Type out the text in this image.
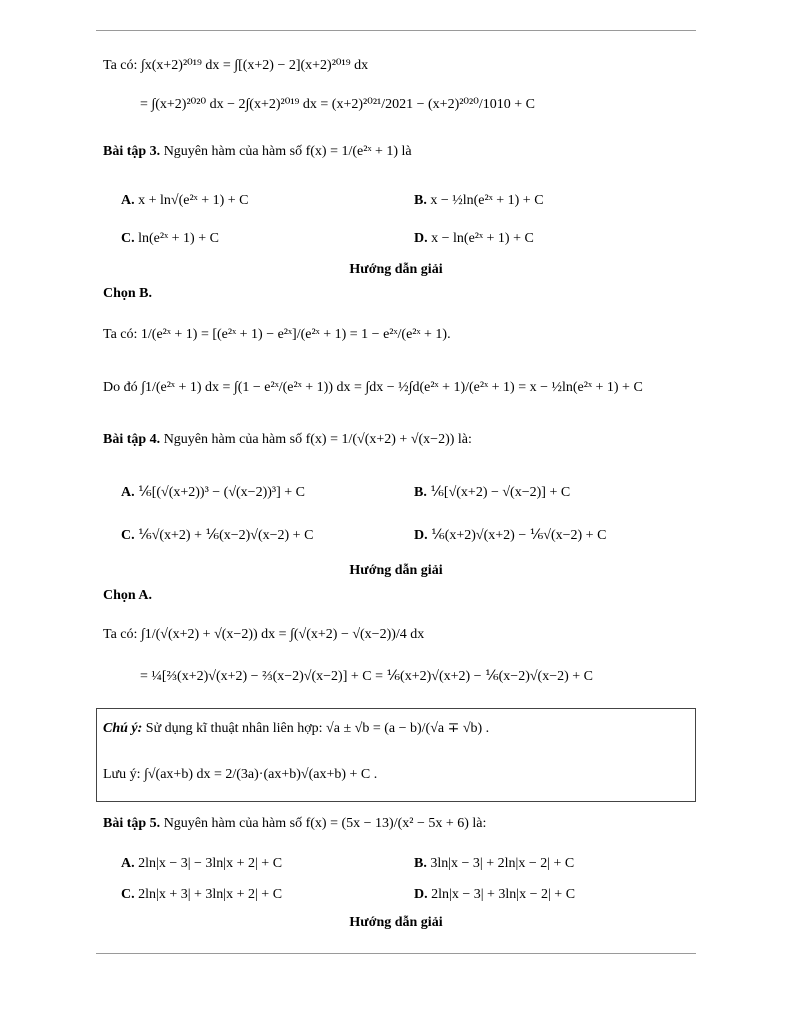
Ta có: ∫x(x+2)²⁰¹⁹ dx = ∫[(x+2) − 2](x+2)²⁰¹⁹ dx
= ∫(x+2)²⁰²⁰ dx − 2∫(x+2)²⁰¹⁹ dx = (x+2)²⁰²¹/2021 − (x+2)²⁰²⁰/1010 + C
Bài tập 3. Nguyên hàm của hàm số f(x) = 1/(e²ˣ + 1) là
A. x + ln√(e²ˣ + 1) + C	B. x − ½ln(e²ˣ + 1) + C
C. ln(e²ˣ + 1) + C	D. x − ln(e²ˣ + 1) + C
Hướng dẫn giải
Chọn B.
Ta có: 1/(e²ˣ + 1) = [(e²ˣ + 1) − e²ˣ]/(e²ˣ + 1) = 1 − e²ˣ/(e²ˣ + 1).
Do đó ∫1/(e²ˣ + 1) dx = ∫(1 − e²ˣ/(e²ˣ + 1)) dx = ∫dx − ½∫d(e²ˣ + 1)/(e²ˣ + 1) = x − ½ln(e²ˣ + 1) + C
Bài tập 4. Nguyên hàm của hàm số f(x) = 1/(√(x+2) + √(x−2)) là:
A. ⅙[(√(x+2))³ − (√(x−2))³] + C	B. ⅙[√(x+2) − √(x−2)] + C
C. ⅙√(x+2) + ⅙(x−2)√(x−2) + C	D. ⅙(x+2)√(x+2) − ⅙√(x−2) + C
Hướng dẫn giải
Chọn A.
Ta có: ∫1/(√(x+2) + √(x−2)) dx = ∫(√(x+2) − √(x−2))/4 dx
= ¼[⅔(x+2)√(x+2) − ⅔(x−2)√(x−2)] + C = ⅙(x+2)√(x+2) − ⅙(x−2)√(x−2) + C
Chú ý: Sử dụng kĩ thuật nhân liên hợp: √a ± √b = (a − b)/(√a ∓ √b) .
Lưu ý: ∫√(ax+b) dx = 2/(3a)·(ax+b)√(ax+b) + C .
Bài tập 5. Nguyên hàm của hàm số f(x) = (5x − 13)/(x² − 5x + 6) là:
A. 2ln|x − 3| − 3ln|x + 2| + C	B. 3ln|x − 3| + 2ln|x − 2| + C
C. 2ln|x + 3| + 3ln|x + 2| + C	D. 2ln|x − 3| + 3ln|x − 2| + C
Hướng dẫn giải
